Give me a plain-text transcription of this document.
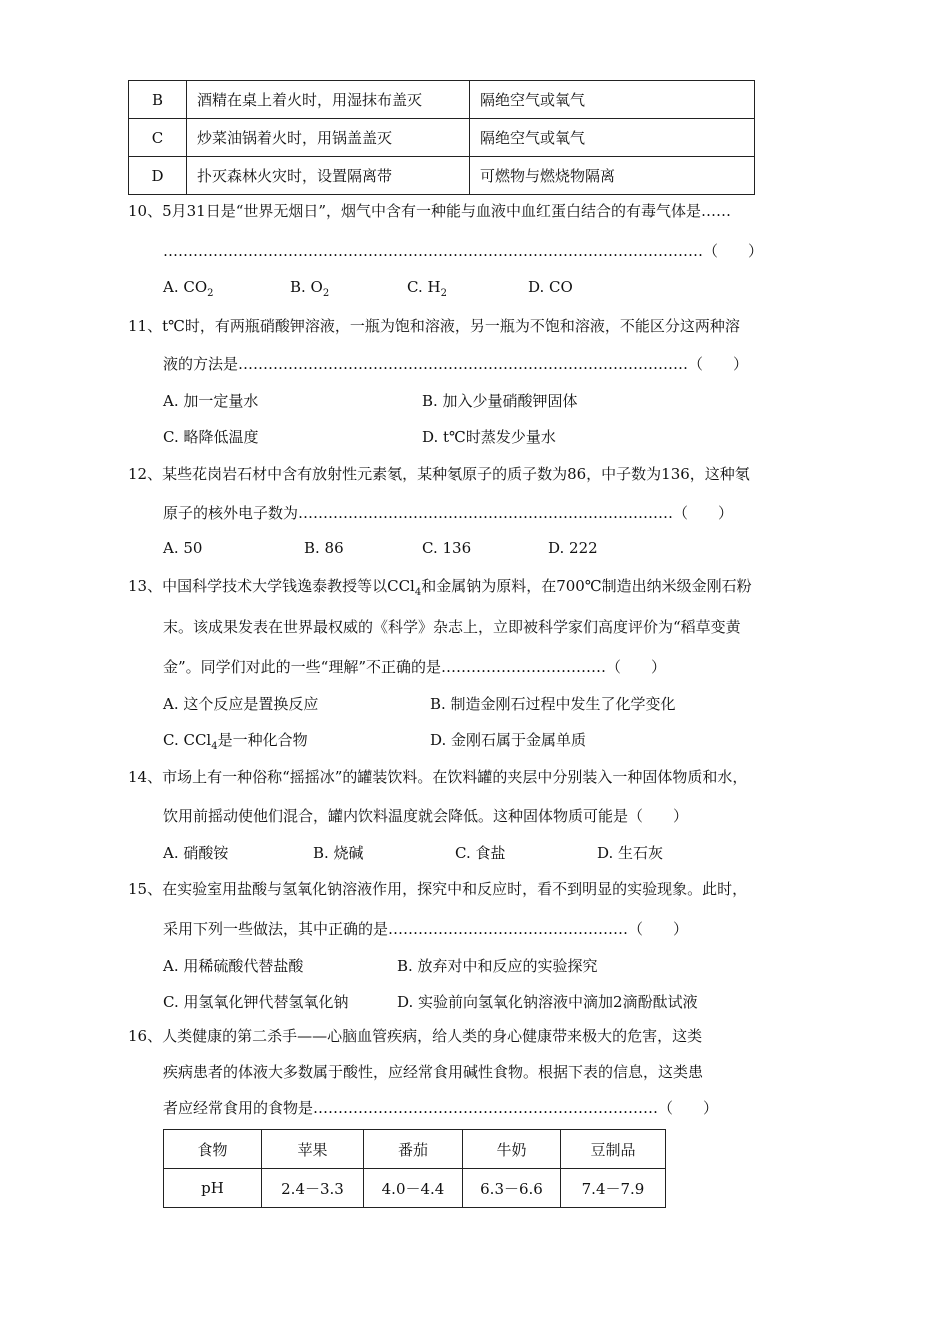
B	酒精在桌上着火时，用湿抹布盖灭	隔绝空气或氧气
C	炒菜油锅着火时，用锅盖盖灭	隔绝空气或氧气
D	扑灭森林火灾时，设置隔离带	可燃物与燃烧物隔离
10、5月31日是“世界无烟日”，烟气中含有一种能与血液中血红蛋白结合的有毒气体是……
………………………………………………………………………………………………（　　）
A. $CO_2$	B. $O_2$	C. $H_2$	D. CO
11、t℃时，有两瓶硝酸钾溶液，一瓶为饱和溶液，另一瓶为不饱和溶液，不能区分这两种溶
液的方法是………………………………………………………………………………（　　）
A. 加一定量水	B. 加入少量硝酸钾固体
C. 略降低温度	D. t℃时蒸发少量水
12、某些花岗岩石材中含有放射性元素氡，某种氡原子的质子数为86，中子数为136，这种氡
原子的核外电子数为…………………………………………………………………（　　）
A. 50	B. 86	C. 136	D. 222
13、中国科学技术大学钱逸泰教授等以CCl$_4$和金属钠为原料，在700℃制造出纳米级金刚石粉
末。该成果发表在世界最权威的《科学》杂志上，立即被科学家们高度评价为“稻草变黄
金”。同学们对此的一些“理解”不正确的是……………………………（　　）
A. 这个反应是置换反应	B. 制造金刚石过程中发生了化学变化
C. CCl$_4$是一种化合物	D. 金刚石属于金属单质
14、市场上有一种俗称“摇摇冰”的罐装饮料。在饮料罐的夹层中分别装入一种固体物质和水，
饮用前摇动使他们混合，罐内饮料温度就会降低。这种固体物质可能是（　　）
A. 硝酸铵	B. 烧碱	C. 食盐	D. 生石灰
15、在实验室用盐酸与氢氧化钠溶液作用，探究中和反应时，看不到明显的实验现象。此时，
采用下列一些做法，其中正确的是…………………………………………（　　）
A. 用稀硫酸代替盐酸	B. 放弃对中和反应的实验探究
C. 用氢氧化钾代替氢氧化钠	D. 实验前向氢氧化钠溶液中滴加2滴酚酞试液
16、人类健康的第二杀手——心脑血管疾病，给人类的身心健康带来极大的危害，这类
疾病患者的体液大多数属于酸性，应经常食用碱性食物。根据下表的信息，这类患
者应经常食用的食物是……………………………………………………………（　　）
食物	苹果	番茄	牛奶	豆制品
pH	2.4－3.3	4.0－4.4	6.3－6.6	7.4－7.9
